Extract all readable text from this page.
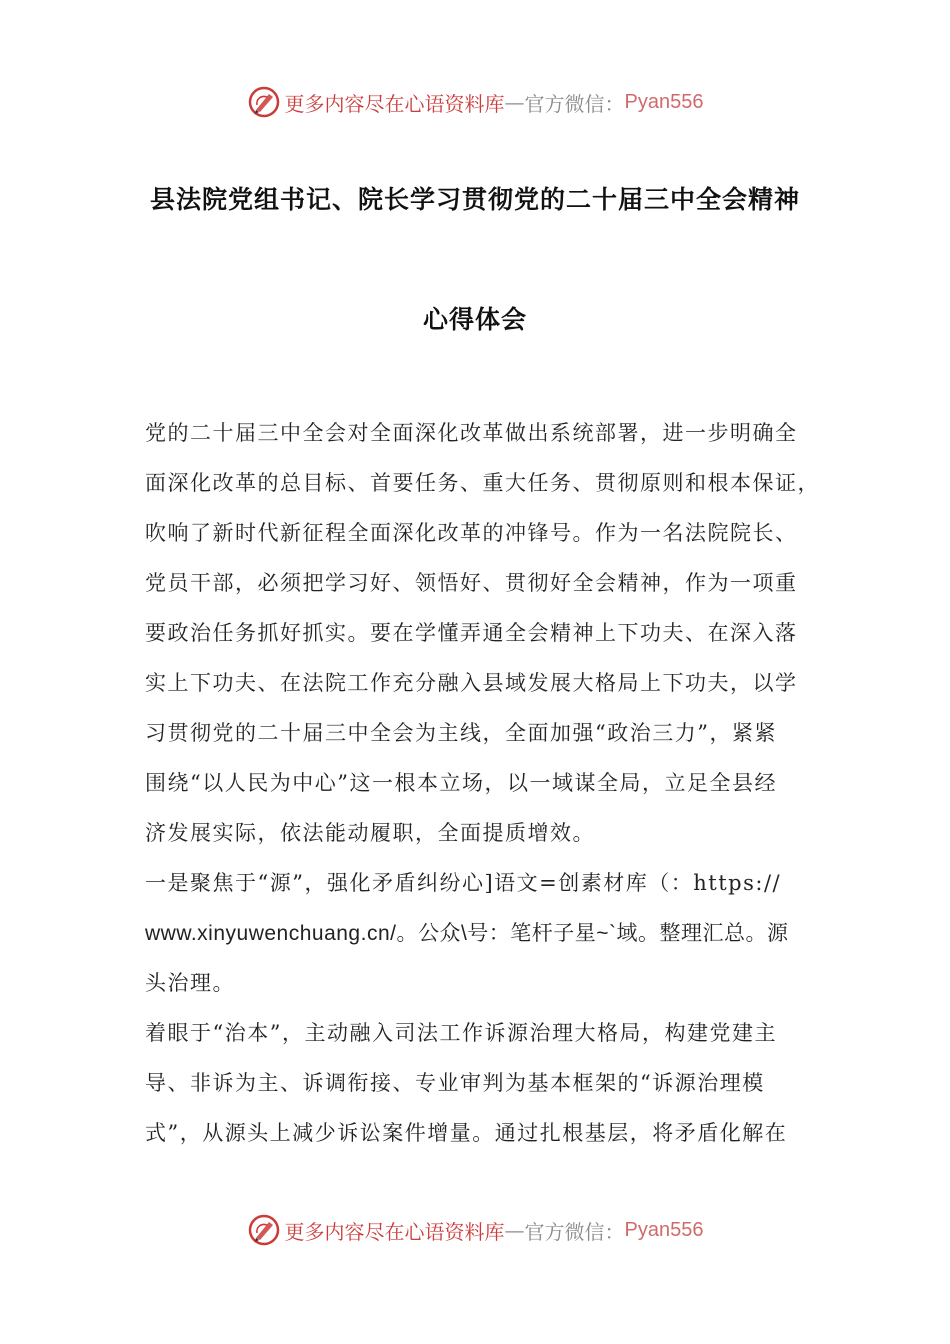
更多内容尽在心语资料库 — 官方微信： Pyan556
县法院党组书记、院长学习贯彻党的二十届三中全会精神
心得体会
党的二十届三中全会对全面深化改革做出系统部署，进一步明确全
面深化改革的总目标、首要任务、重大任务、贯彻原则和根本保证，
吹响了新时代新征程全面深化改革的冲锋号。作为一名法院院长、
党员干部，必须把学习好、领悟好、贯彻好全会精神，作为一项重
要政治任务抓好抓实。要在学懂弄通全会精神上下功夫、在深入落
实上下功夫、在法院工作充分融入县域发展大格局上下功夫，以学
习贯彻党的二十届三中全会为主线，全面加强“政治三力”，紧紧
围绕“以人民为中心”这一根本立场，以一域谋全局，立足全县经
济发展实际，依法能动履职，全面提质增效。
一是聚焦于“源”，强化矛盾纠纷心]语文=创素材库（：https://
www.xinyuwenchuang.cn/。公众\号：笔杆子星~`域。整理汇总。源
头治理。
着眼于“治本”，主动融入司法工作诉源治理大格局，构建党建主
导、非诉为主、诉调衔接、专业审判为基本框架的“诉源治理模
式”，从源头上减少诉讼案件增量。通过扎根基层，将矛盾化解在
更多内容尽在心语资料库 — 官方微信： Pyan556
